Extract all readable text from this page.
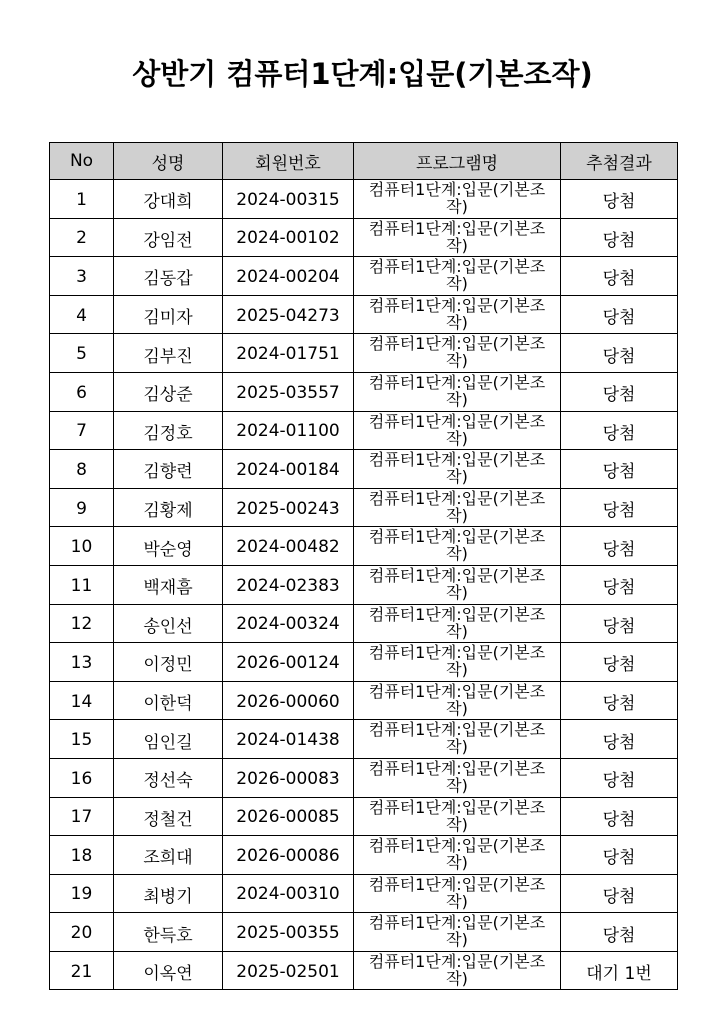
상반기 컴퓨터1단계:입문(기본조작)
No	성명	회원번호	프로그램명	추첨결과
1	강대희	2024-00315	컴퓨터1단계:입문(기본조작)	당첨
2	강임전	2024-00102	컴퓨터1단계:입문(기본조작)	당첨
3	김동갑	2024-00204	컴퓨터1단계:입문(기본조작)	당첨
4	김미자	2025-04273	컴퓨터1단계:입문(기본조작)	당첨
5	김부진	2024-01751	컴퓨터1단계:입문(기본조작)	당첨
6	김상준	2025-03557	컴퓨터1단계:입문(기본조작)	당첨
7	김정호	2024-01100	컴퓨터1단계:입문(기본조작)	당첨
8	김향련	2024-00184	컴퓨터1단계:입문(기본조작)	당첨
9	김황제	2025-00243	컴퓨터1단계:입문(기본조작)	당첨
10	박순영	2024-00482	컴퓨터1단계:입문(기본조작)	당첨
11	백재흠	2024-02383	컴퓨터1단계:입문(기본조작)	당첨
12	송인선	2024-00324	컴퓨터1단계:입문(기본조작)	당첨
13	이정민	2026-00124	컴퓨터1단계:입문(기본조작)	당첨
14	이한덕	2026-00060	컴퓨터1단계:입문(기본조작)	당첨
15	임인길	2024-01438	컴퓨터1단계:입문(기본조작)	당첨
16	정선숙	2026-00083	컴퓨터1단계:입문(기본조작)	당첨
17	정철건	2026-00085	컴퓨터1단계:입문(기본조작)	당첨
18	조희대	2026-00086	컴퓨터1단계:입문(기본조작)	당첨
19	최병기	2024-00310	컴퓨터1단계:입문(기본조작)	당첨
20	한득호	2025-00355	컴퓨터1단계:입문(기본조작)	당첨
21	이옥연	2025-02501	컴퓨터1단계:입문(기본조작)	대기 1번
